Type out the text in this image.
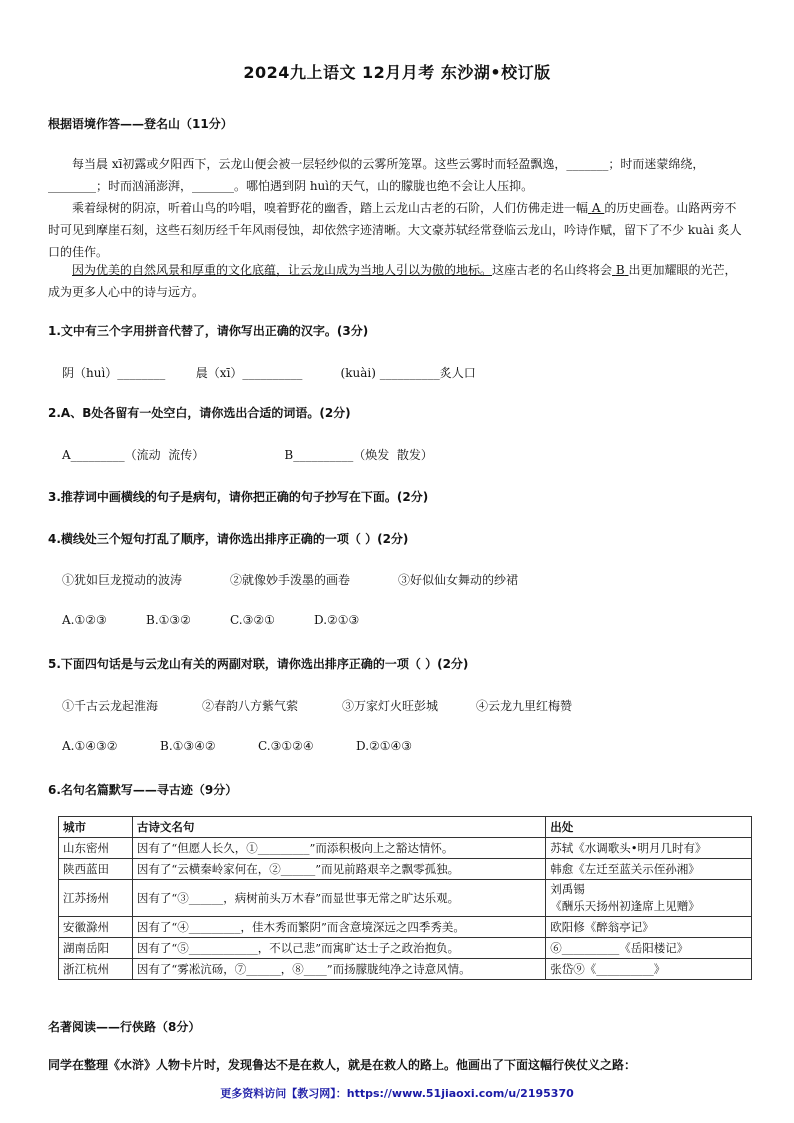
2024九上语文 12月月考 东沙湖•校订版
根据语境作答——登名山（11分）
每当晨 xī初露或夕阳西下，云龙山便会被一层轻纱似的云雾所笼罩。这些云雾时而轻盈飘逸，_______；时而迷蒙绵绕，________；时而汹涌澎湃，_______。哪怕遇到阴 huì的天气，山的朦胧也绝不会让人压抑。
乘着绿树的阴凉，听着山鸟的吟唱，嗅着野花的幽香，踏上云龙山古老的石阶，人们仿佛走进一幅 A 的历史画卷。山路两旁不时可见到摩崖石刻，这些石刻历经千年风雨侵蚀，却依然字迹清晰。大文豪苏轼经常登临云龙山，吟诗作赋，留下了不少 kuài 炙人口的佳作。
因为优美的自然风景和厚重的文化底蕴，让云龙山成为当地人引以为傲的地标。这座古老的名山终将会 B 出更加耀眼的光芒，成为更多人心中的诗与远方。
1.文中有三个字用拼音代替了，请你写出正确的汉字。(3分)
阴（huì）________        晨（xī）__________          (kuài) __________炙人口
2.A、B处各留有一处空白，请你选出合适的词语。(2分)
A_________（流动  流传）                     B__________（焕发  散发）
3.推荐词中画横线的句子是病句，请你把正确的句子抄写在下面。(2分)
4.横线处三个短句打乱了顺序，请你选出排序正确的一项（ ）(2分)
①犹如巨龙搅动的波涛	②就像妙手泼墨的画卷	③好似仙女舞动的纱裙
A.①②③	B.①③②	C.③②①	D.②①③
5.下面四句话是与云龙山有关的两副对联，请你选出排序正确的一项（ ）(2分)
①千古云龙起淮海	②春韵八方紫气萦	③万家灯火旺彭城	④云龙九里红梅赞
A.①④③②	B.①③④②	C.③①②④	D.②①④③
6.名句名篇默写——寻古迹（9分）
城市	古诗文名句	出处
山东密州	因有了“但愿人长久，①_________”而添积极向上之豁达情怀。	苏轼《水调歌头•明月几时有》
陕西蓝田	因有了“云横秦岭家何在，②______”而见前路艰辛之飘零孤独。	韩愈《左迁至蓝关示侄孙湘》
江苏扬州	因有了“③______，病树前头万木春”而显世事无常之旷达乐观。	刘禹锡
《酬乐天扬州初逢席上见赠》

安徽滁州	因有了“④_________，佳木秀而繁阴”而含意境深远之四季秀美。	欧阳修《醉翁亭记》
湖南岳阳	因有了“⑤____________，不以己悲”而寓旷达士子之政治抱负。	⑥__________《岳阳楼记》
浙江杭州	因有了“雾凇沆砀，⑦______，⑧____”而扬朦胧纯净之诗意风情。	张岱⑨《__________》
名著阅读——行侠路（8分）
同学在整理《水浒》人物卡片时，发现鲁达不是在救人，就是在救人的路上。他画出了下面这幅行侠仗义之路：
更多资料访问【教习网】：https://www.51jiaoxi.com/u/2195370
